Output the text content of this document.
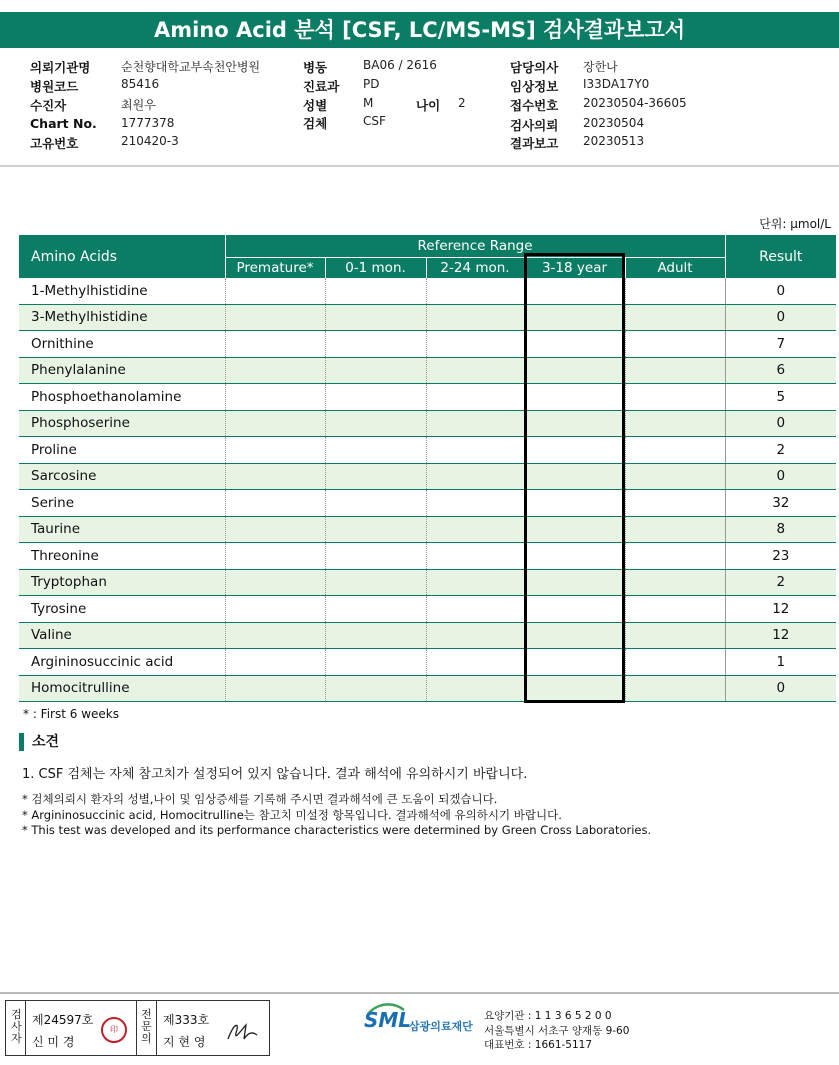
Amino Acid 분석 [CSF, LC/MS-MS] 검사결과보고서
의뢰기관명	순천향대학교부속천안병원
병원코드	85416
수진자	최원우
Chart No. 1777378
고유번호	210420-3
병동	BA06 / 2616
진료과 PD
성별	M	나이 2
검체	CSF
담당의사 장한나
임상정보 I33DA17Y0
접수번호 20230504-36605
검사의뢰 20230504
결과보고 20230513
단위: µmol/L
Amino Acids	Reference Range					Result
	Premature*	0-1 mon.	2-24 mon.	3-18 year	Adult	
1-Methylhistidine						0
3-Methylhistidine						0
Ornithine						7
Phenylalanine						6
Phosphoethanolamine						5
Phosphoserine						0
Proline						2
Sarcosine						0
Serine						32
Taurine						8
Threonine						23
Tryptophan						2
Tyrosine						12
Valine						12
Argininosuccinic acid						1
Homocitrulline						0
* : First 6 weeks
소견
1. CSF 검체는 자체 참고치가 설정되어 있지 않습니다. 결과 해석에 유의하시기 바랍니다.
* 검체의뢰시 환자의 성별,나이 및 임상증세를 기록해 주시면 결과해석에 큰 도움이 되겠습니다.
* Argininosuccinic acid, Homocitrulline는 참고치 미설정 항목입니다. 결과해석에 유의하시기 바랍니다.
* This test was developed and its performance characteristics were determined by Green Cross Laboratories.
검사자
제24597호
신 미 경
印
전문의
제333호
지 현 영
SML
삼광의료재단
요양기관 : 1 1 3 6 5 2 0 0
서울특별시 서초구 양재동 9-60
대표번호 : 1661-5117
